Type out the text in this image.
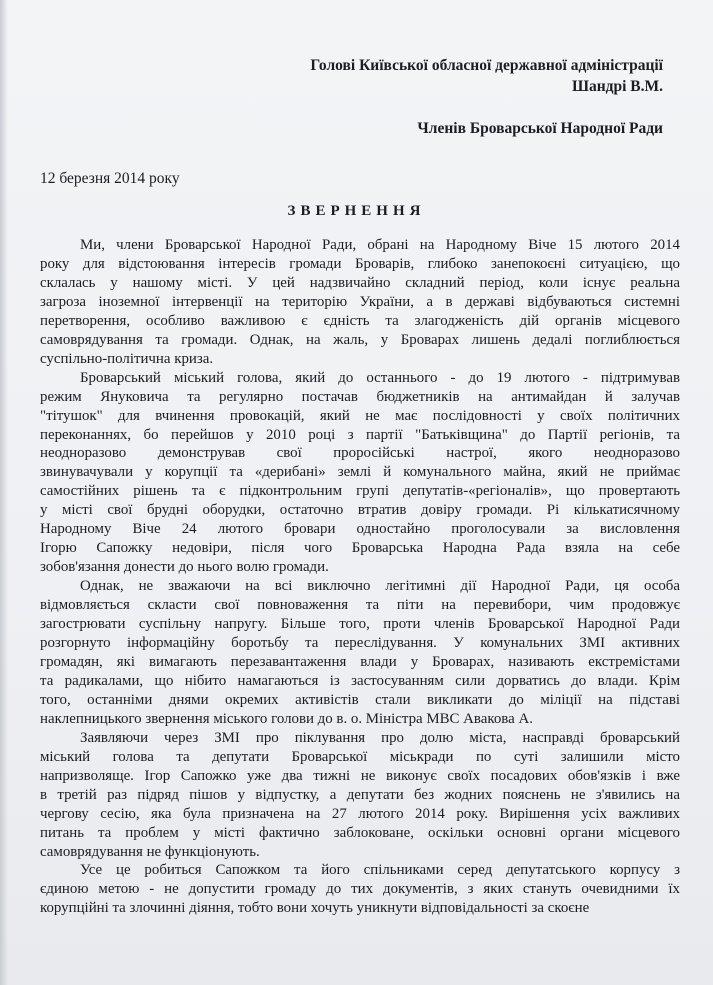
Голові Київської обласної державної адміністрації
Шандрі В.М.
Членів Броварської Народної Ради
12 березня 2014 року
ЗВЕРНЕННЯ
Ми, члени Броварської Народної Ради, обрані на Народному Віче 15 лютого 2014
року для відстоювання інтересів громади Броварів, глибоко занепокоєні ситуацією, що
склалась у нашому місті. У цей надзвичайно складний період, коли існує реальна
загроза іноземної інтервенції на територію України, а в державі відбуваються системні
перетворення, особливо важливою є єдність та злагодженість дій органів місцевого
самоврядування та громади. Однак, на жаль, у Броварах лишень дедалі поглиблюється
суспільно-політична криза.
Броварський міський голова, який до останнього - до 19 лютого - підтримував
режим Януковича та регулярно постачав бюджетників на антимайдан й залучав
"тітушок" для вчинення провокацій, який не має послідовності у своїх політичних
переконаннях, бо перейшов у 2010 році з партії "Батьківщина" до Партії регіонів, та
неодноразово демонстрував свої проросійські настрої, якого неодноразово
звинувачували у корупції та «дерибані» землі й комунального майна, який не приймає
самостійних рішень та є підконтрольним групі депутатів-«регіоналів», що провертають
у місті свої брудні оборудки, остаточно втратив довіру громади. Рі кількатисячному
Народному Віче 24 лютого бровари одностайно проголосували за висловлення
Ігорю Сапожку недовіри, після чого Броварська Народна Рада взяла на себе
зобов'язання донести до нього волю громади.
Однак, не зважаючи на всі виключно легітимні дії Народної Ради, ця особа
відмовляється скласти свої повноваження та піти на перевибори, чим продовжує
загострювати суспільну напругу. Більше того, проти членів Броварської Народної Ради
розгорнуто інформаційну боротьбу та переслідування. У комунальних ЗМІ активних
громадян, які вимагають перезавантаження влади у Броварах, називають екстремістами
та радикалами, що нібито намагаються із застосуванням сили дорватись до влади. Крім
того, останніми днями окремих активістів стали викликати до міліції на підставі
наклепницького звернення міського голови до в. о. Міністра МВС Авакова А.
Заявляючи через ЗМІ про піклування про долю міста, насправді броварський
міський голова та депутати Броварської міськради по суті залишили місто
напризволяще. Ігор Сапожко уже два тижні не виконує своїх посадових обов'язків і вже
в третій раз підряд пішов у відпустку, а депутати без жодних пояснень не з'явились на
чергову сесію, яка була призначена на 27 лютого 2014 року. Вирішення усіх важливих
питань та проблем у місті фактично заблоковане, оскільки основні органи місцевого
самоврядування не функціонують.
Усе це робиться Сапожком та його спільниками серед депутатського корпусу з
єдиною метою - не допустити громаду до тих документів, з яких стануть очевидними їх
корупційні та злочинні діяння, тобто вони хочуть уникнути відповідальності за скоєне
